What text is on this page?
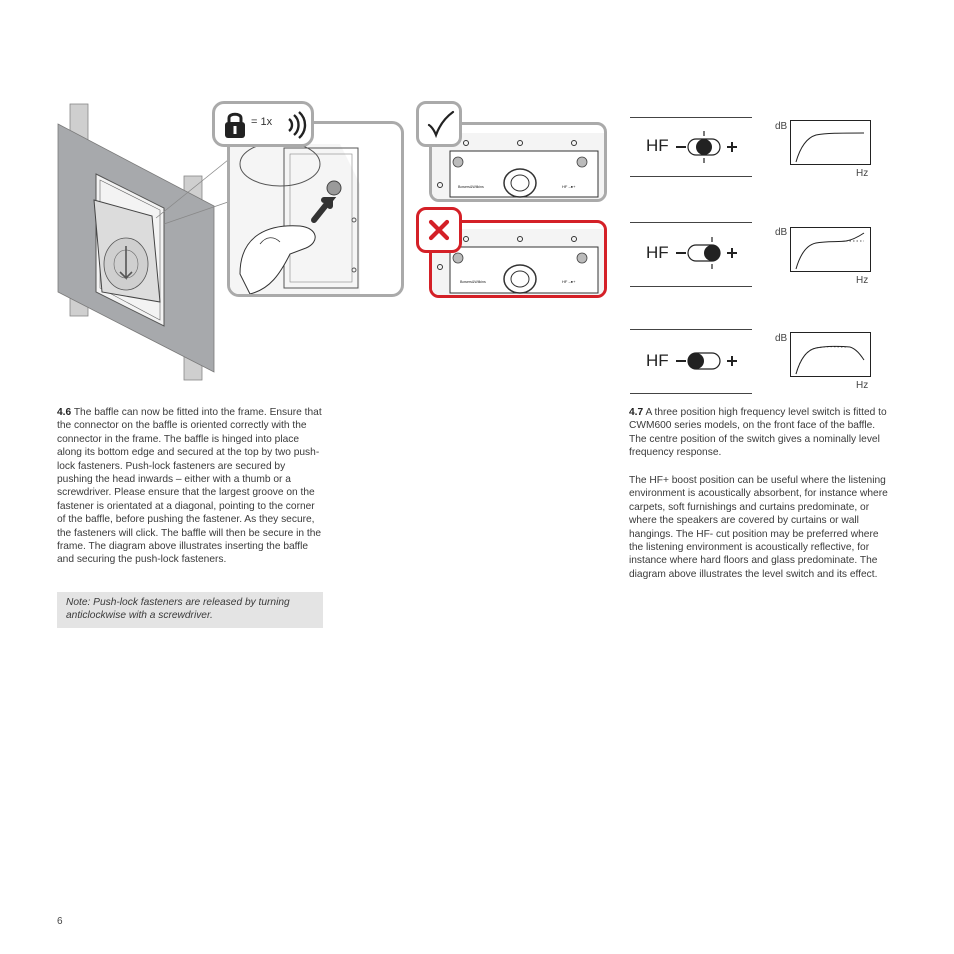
= 1x
Bowers&Wilkins	HF –●+
Bowers&Wilkins	HF –●+
HF
HF
HF
dB
Hz
dB
Hz
dB
Hz
4.6 The baffle can now be fitted into the frame. Ensure that the connector on the baffle is oriented correctly with the connector in the frame. The baffle is hinged into place along its bottom edge and secured at the top by two push-lock fasteners. Push-lock fasteners are secured by pushing the head inwards – either with a thumb or a screwdriver. Please ensure that the largest groove on the fastener is orientated at a diagonal, pointing to the corner of the baffle, before pushing the fastener. As they secure, the fasteners will click. The baffle will then be secure in the frame. The diagram above illustrates inserting the baffle and securing the push-lock fasteners.
Note: Push-lock fasteners are released by turning anticlockwise with a screwdriver.
4.7 A three position high frequency level switch is fitted to CWM600 series models, on the front face of the baffle. The centre position of the switch gives a nominally level frequency response.
The HF+ boost position can be useful where the listening environment is acoustically absorbent, for instance where carpets, soft furnishings and curtains predominate, or where the speakers are covered by curtains or wall hangings. The HF- cut position may be preferred where the listening environment is acoustically reflective, for instance where hard floors and glass predominate. The diagram above illustrates the level switch and its effect.
6
